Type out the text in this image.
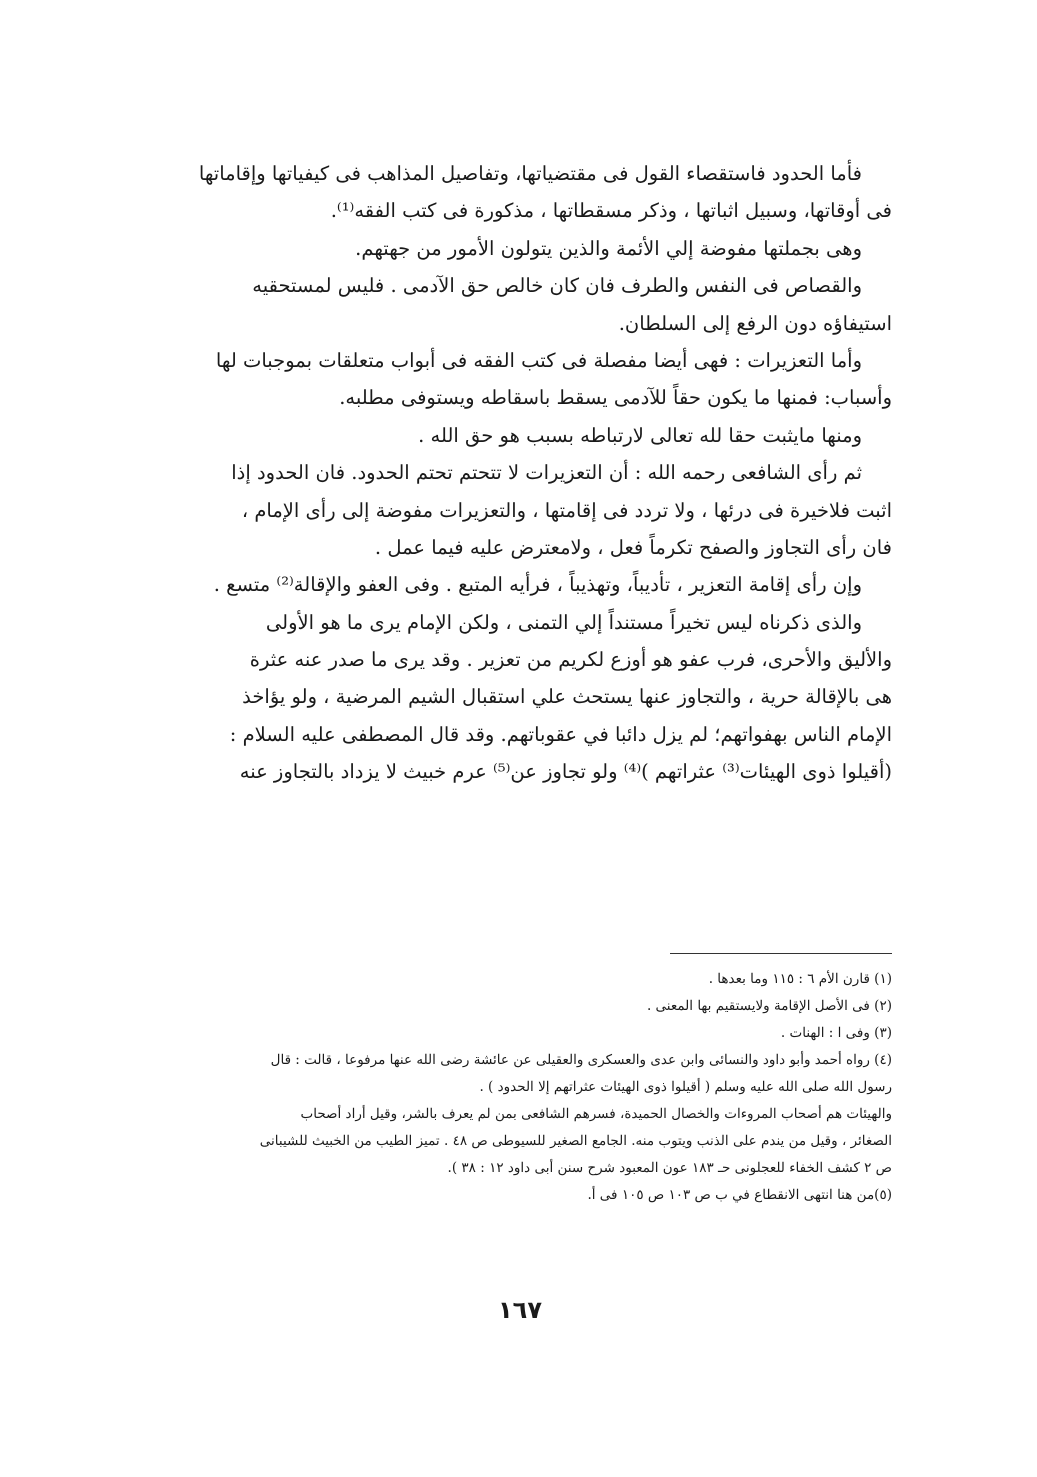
فأما الحدود فاستقصاء القول فى مقتضياتها، وتفاصيل المذاهب فى كيفياتها وإقاماتها
فى أوقاتها، وسبيل اثباتها ، وذكر مسقطاتها ، مذكورة فى كتب الفقه⁽¹⁾.
وهى بجملتها مفوضة إلي الأئمة والذين يتولون الأمور من جهتهم.
والقصاص فى النفس والطرف فان كان خالص حق الآدمى . فليس لمستحقيه
استيفاؤه دون الرفع إلى السلطان.
وأما التعزيرات : فهى أيضا مفصلة فى كتب الفقه فى أبواب متعلقات بموجبات لها
وأسباب: فمنها ما يكون حقاً للآدمى يسقط باسقاطه ويستوفى مطلبه.
ومنها مايثبت حقا لله تعالى لارتباطه بسبب هو حق الله .
ثم رأى الشافعى رحمه الله : أن التعزيرات لا تتحتم تحتم الحدود. فان الحدود إذا
اثبت فلاخيرة فى درئها ، ولا تردد فى إقامتها ، والتعزيرات مفوضة إلى رأى الإمام ،
فان رأى التجاوز والصفح تكرماً فعل ، ولامعترض عليه فيما عمل .
وإن رأى إقامة التعزير ، تأديباً، وتهذيباً ، فرأيه المتبع . وفى العفو والإقالة⁽²⁾ متسع .
والذى ذكرناه ليس تخيراً مستنداً إلي التمنى ، ولكن الإمام يرى ما هو الأولى
والأليق والأحرى، فرب عفو هو أوزع لكريم من تعزير . وقد يرى ما صدر عنه عثرة
هى بالإقالة حرية ، والتجاوز عنها يستحث علي استقبال الشيم المرضية ، ولو يؤاخذ
الإمام الناس بهفواتهم؛ لم يزل دائبا في عقوباتهم. وقد قال المصطفى عليه السلام :
(أقيلوا ذوى الهيئات⁽³⁾ عثراتهم )⁽⁴⁾ ولو تجاوز عن⁽⁵⁾ عرم خبيث لا يزداد بالتجاوز عنه
(١) قارن الأم ٦ : ١١٥ وما بعدها .
(٢) فى الأصل الإقامة ولايستقيم بها المعنى .
(٣) وفى ا : الهنات .
(٤) رواه أحمد وأبو داود والنسائى وابن عدى والعسكرى والعقيلى عن عائشة رضى الله عنها مرفوعا ، قالت : قال
رسول الله صلى الله عليه وسلم ( أقيلوا ذوى الهيئات عثراتهم إلا الحدود ) .
والهيئات هم أصحاب المروءات والخصال الحميدة، فسرهم الشافعى بمن لم يعرف بالشر، وقيل أراد أصحاب
الصغائر ، وقيل من يندم على الذنب ويتوب منه. الجامع الصغير للسيوطى ص ٤٨ . تميز الطيب من الخبيث للشيبانى
ص ٢ كشف الخفاء للعجلونى حـ ١٨٣ عون المعبود شرح سنن أبى داود ١٢ : ٣٨ ).
(٥)من هنا انتهى الانقطاع في ب ص ١٠٣ ص ١٠٥ فى أ.
١٦٧
